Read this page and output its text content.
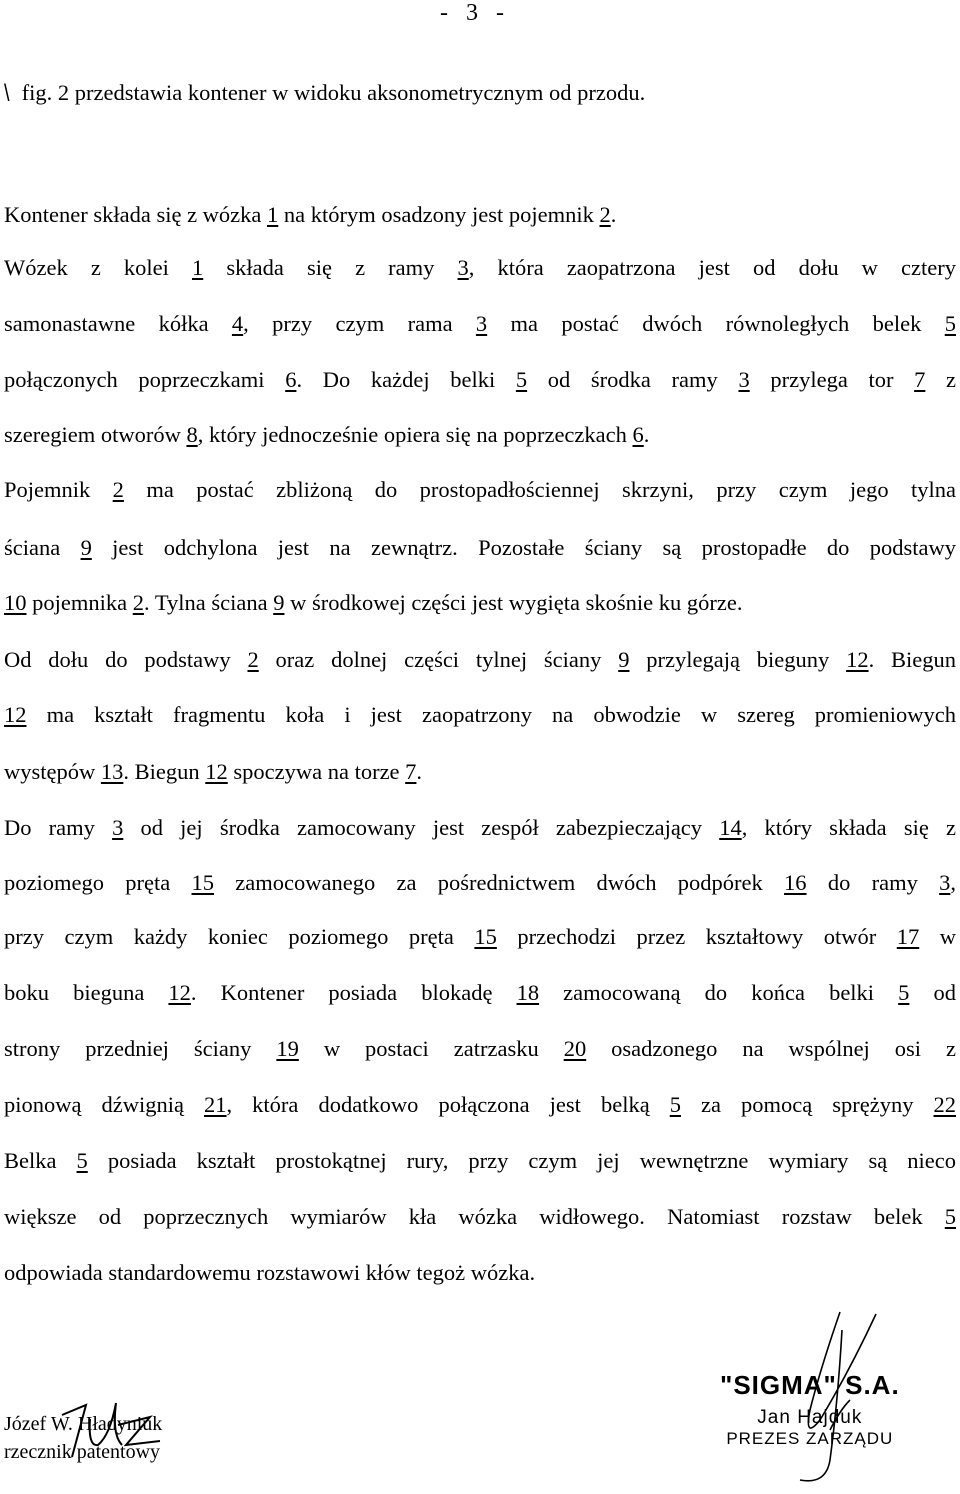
- 3 -
\ fig. 2 przedstawia kontener w widoku aksonometrycznym od przodu.
Kontener składa się z wózka 1 na którym osadzony jest pojemnik 2.
Wózek z kolei 1 składa się z ramy 3, która zaopatrzona jest od dołu w cztery
samonastawne kółka 4, przy czym rama 3 ma postać dwóch równoległych belek 5
połączonych poprzeczkami 6. Do każdej belki 5 od środka ramy 3 przylega tor 7 z
szeregiem otworów 8, który jednocześnie opiera się na poprzeczkach 6.
Pojemnik 2 ma postać zbliżoną do prostopadłościennej skrzyni, przy czym jego tylna
ściana 9 jest odchylona jest na zewnątrz. Pozostałe ściany są prostopadłe do podstawy
10 pojemnika 2. Tylna ściana 9 w środkowej części jest wygięta skośnie ku górze.
Od dołu do podstawy 2 oraz dolnej części tylnej ściany 9 przylegają bieguny 12. Biegun
12 ma kształt fragmentu koła i jest zaopatrzony na obwodzie w szereg promieniowych
występów 13. Biegun 12 spoczywa na torze 7.
Do ramy 3 od jej środka zamocowany jest zespół zabezpieczający 14, który składa się z
poziomego pręta 15 zamocowanego za pośrednictwem dwóch podpórek 16 do ramy 3,
przy czym każdy koniec poziomego pręta 15 przechodzi przez kształtowy otwór 17 w
boku bieguna 12. Kontener posiada blokadę 18 zamocowaną do końca belki 5 od
strony przedniej ściany 19 w postaci zatrzasku 20 osadzonego na wspólnej osi z
pionową dźwignią 21, która dodatkowo połączona jest belką 5 za pomocą sprężyny 22
Belka 5 posiada kształt prostokątnej rury, przy czym jej wewnętrzne wymiary są nieco
większe od poprzecznych wymiarów kła wózka widłowego. Natomiast rozstaw belek 5
odpowiada standardowemu rozstawowi kłów tegoż wózka.
Józef W. Hładyniuk
rzecznik patentowy
"SIGMA" S.A.
Jan Hajduk
PREZES ZARZĄDU
